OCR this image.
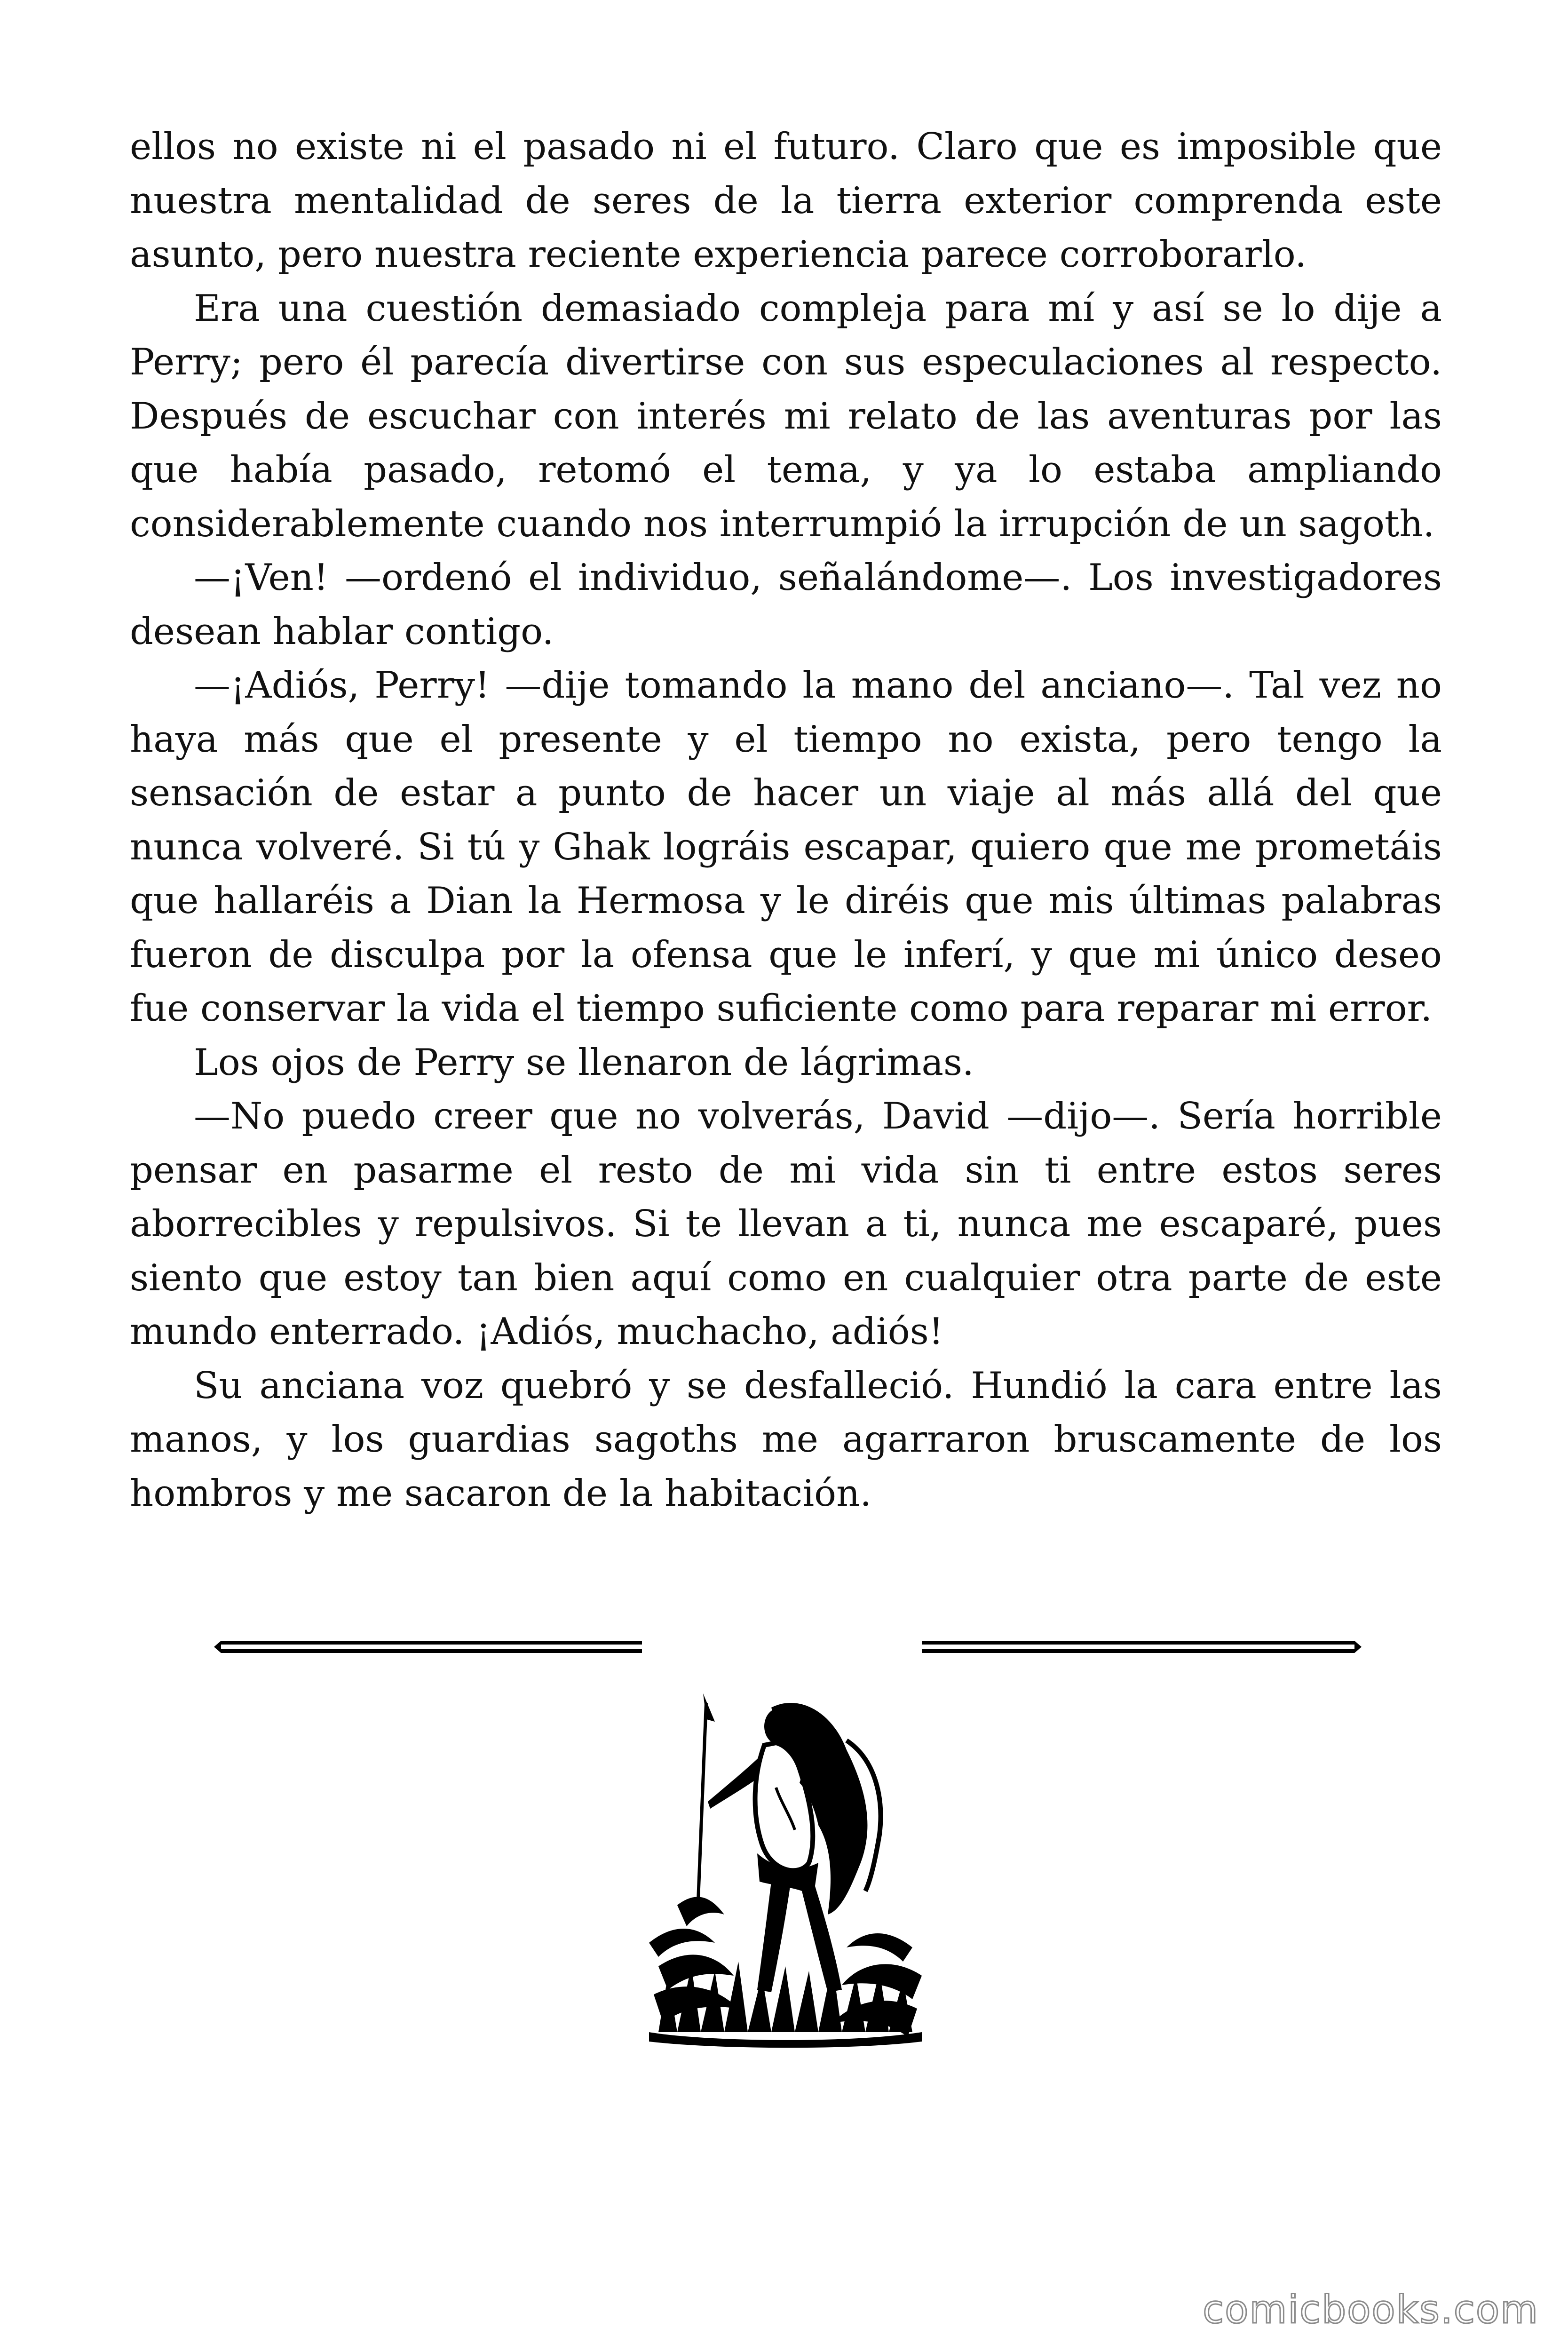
ellos no existe ni el pasado ni el futuro. Claro que es imposible que nuestra mentalidad de seres de la tierra exterior comprenda este asunto, pero nuestra reciente experiencia parece corroborarlo.

Era una cuestión demasiado compleja para mí y así se lo dije a Perry; pero él parecía divertirse con sus especulaciones al respecto. Después de escuchar con interés mi relato de las aventuras por las que había pasado, retomó el tema, y ya lo estaba ampliando considerablemente cuando nos interrumpió la irrupción de un sagoth.

—¡Ven! —ordenó el individuo, señalándome—. Los investigadores desean hablar contigo.

—¡Adiós, Perry! —dije tomando la mano del anciano—. Tal vez no haya más que el presente y el tiempo no exista, pero tengo la sensación de estar a punto de hacer un viaje al más allá del que nunca volveré. Si tú y Ghak lográis escapar, quiero que me prometáis que hallaréis a Dian la Hermosa y le diréis que mis últimas palabras fueron de disculpa por la ofensa que le inferí, y que mi único deseo fue conservar la vida el tiempo suficiente como para reparar mi error.

Los ojos de Perry se llenaron de lágrimas.

—No puedo creer que no volverás, David —dijo—. Sería horrible pensar en pasarme el resto de mi vida sin ti entre estos seres aborrecibles y repulsivos. Si te llevan a ti, nunca me escaparé, pues siento que estoy tan bien aquí como en cualquier otra parte de este mundo enterrado. ¡Adiós, muchacho, adiós!

Su anciana voz quebró y se desfalleció. Hundió la cara entre las manos, y los guardias sagoths me agarraron bruscamente de los hombros y me sacaron de la habitación.

comicbooks.com
